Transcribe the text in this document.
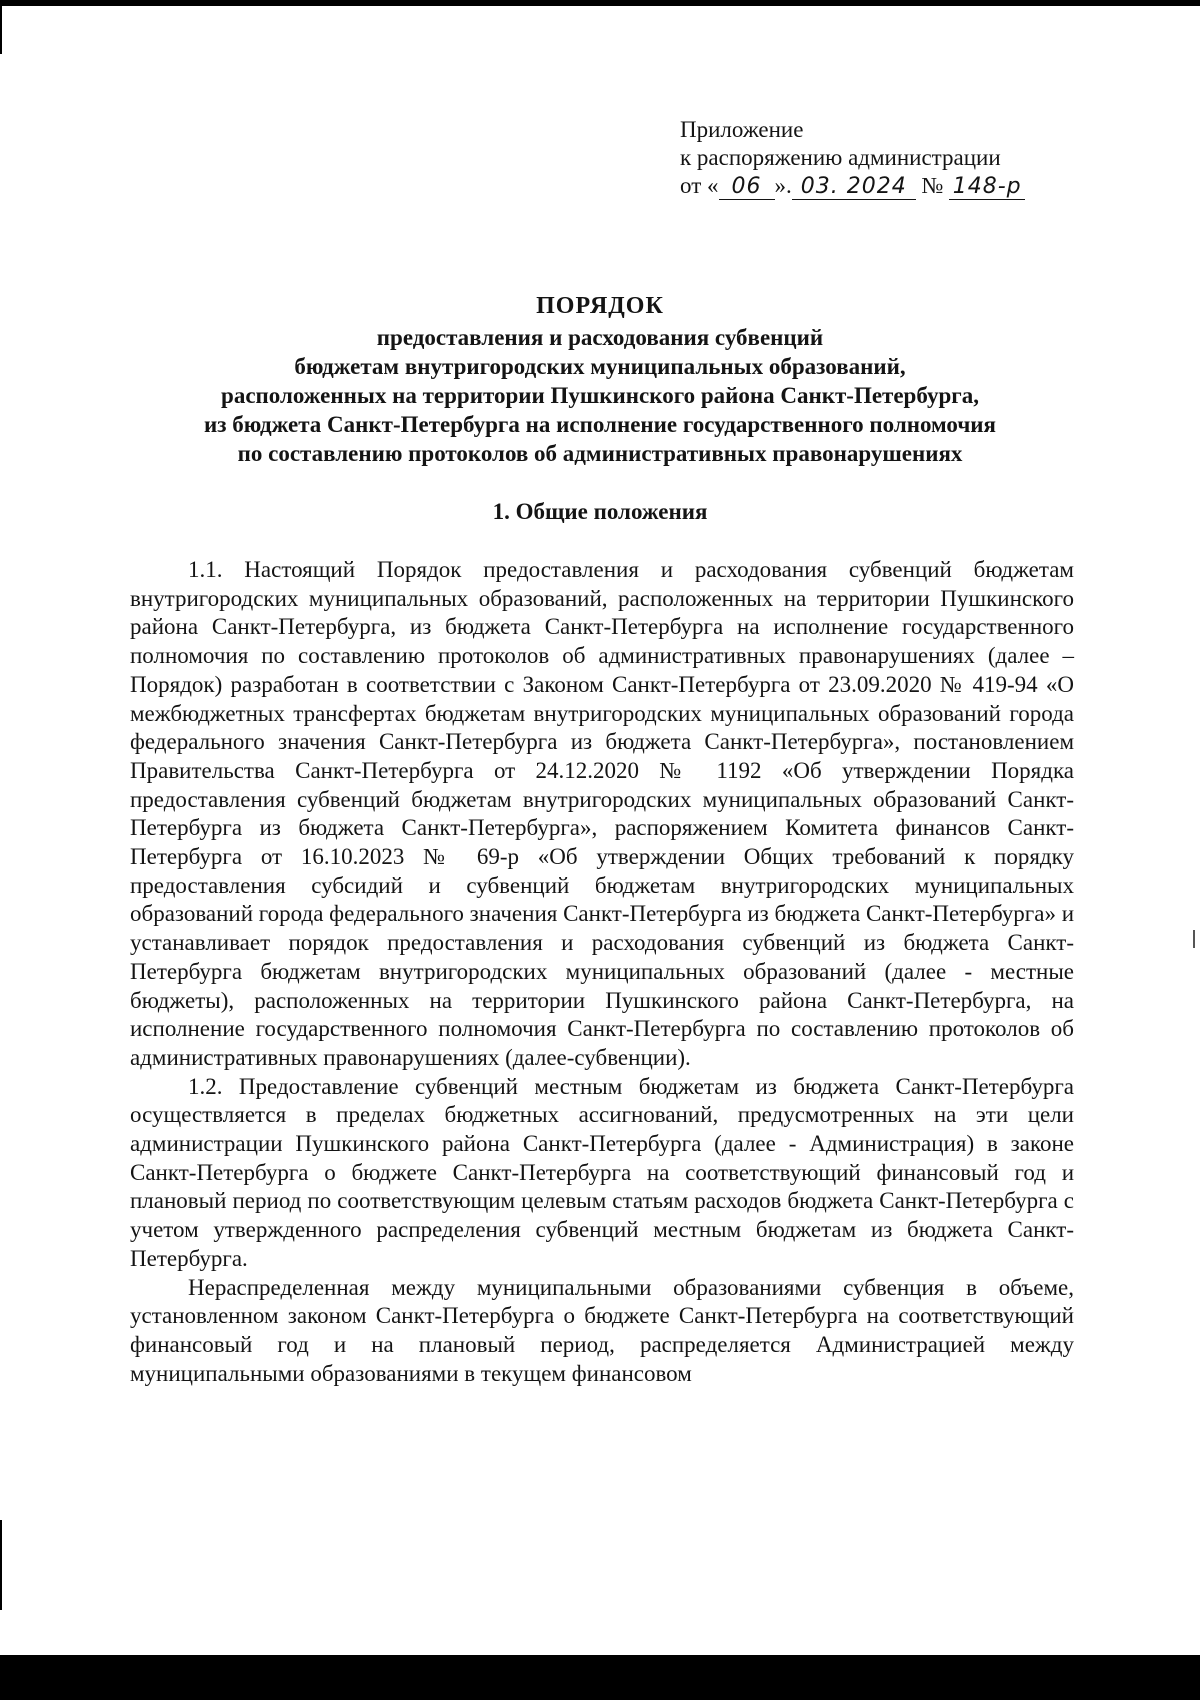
Приложение
к распоряжению администрации
от « 06 ». 03. 2024 № 148-р
ПОРЯДОК
предоставления и расходования субвенций
бюджетам внутригородских муниципальных образований,
расположенных на территории Пушкинского района Санкт-Петербурга,
из бюджета Санкт-Петербурга на исполнение государственного полномочия
по составлению протоколов об административных правонарушениях
1. Общие положения

1.1. Настоящий Порядок предоставления и расходования субвенций бюджетам внутригородских муниципальных образований, расположенных на территории Пушкинского района Санкт-Петербурга, из бюджета Санкт-Петербурга на исполнение государственного полномочия по составлению протоколов об административных правонарушениях (далее – Порядок) разработан в соответствии с Законом Санкт-Петербурга от 23.09.2020 № 419-94 «О межбюджетных трансфертах бюджетам внутригородских муниципальных образований города федерального значения Санкт-Петербурга из бюджета Санкт-Петербурга», постановлением Правительства Санкт-Петербурга от 24.12.2020 № 1192 «Об утверждении Порядка предоставления субвенций бюджетам внутригородских муниципальных образований Санкт-Петербурга из бюджета Санкт-Петербурга», распоряжением Комитета финансов Санкт-Петербурга от 16.10.2023 № 69-р «Об утверждении Общих требований к порядку предоставления субсидий и субвенций бюджетам внутригородских муниципальных образований города федерального значения Санкт-Петербурга из бюджета Санкт-Петербурга» и устанавливает порядок предоставления и расходования субвенций из бюджета Санкт-Петербурга бюджетам внутригородских муниципальных образований (далее - местные бюджеты), расположенных на территории Пушкинского района Санкт-Петербурга, на исполнение государственного полномочия Санкт-Петербурга по составлению протоколов об административных правонарушениях (далее-субвенции).

1.2. Предоставление субвенций местным бюджетам из бюджета Санкт-Петербурга осуществляется в пределах бюджетных ассигнований, предусмотренных на эти цели администрации Пушкинского района Санкт-Петербурга (далее - Администрация) в законе Санкт-Петербурга о бюджете Санкт-Петербурга на соответствующий финансовый год и плановый период по соответствующим целевым статьям расходов бюджета Санкт-Петербурга с учетом утвержденного распределения субвенций местным бюджетам из бюджета Санкт-Петербурга.

Нераспределенная между муниципальными образованиями субвенция в объеме, установленном законом Санкт-Петербурга о бюджете Санкт-Петербурга на соответствующий финансовый год и на плановый период, распределяется Администрацией между муниципальными образованиями в текущем финансовом
